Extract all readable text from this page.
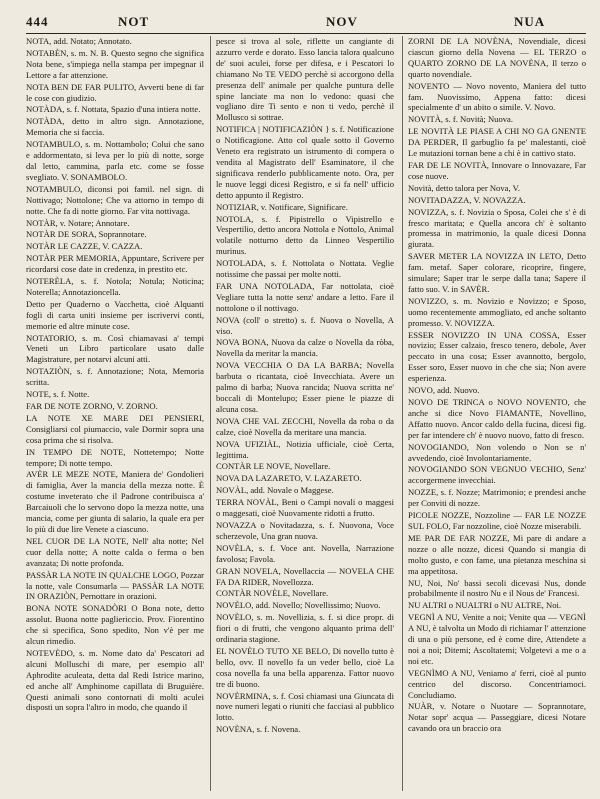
444	NOT	NOV	NUA

NOTA, add. Notato; Annotato.

NOTABÈN, s. m. N. B. Questo segno che significa Nota bene, s'impiega nella stampa per impegnar il Lettore a far attenzione.

NOTA BEN DE FAR PULITO, Avverti bene di far le cose con giudizio.

NOTÀDA, s. f. Nottata, Spazio d'una intiera notte.

NOTÀDA, detto in altro sign. Annotazione, Memoria che si faccia.

NOTAMBULO, s. m. Nottambolo; Colui che sano e addormentato, si leva per lo più di notte, sorge dal letto, cammina, parla etc. come se fosse svegliato. V. SONAMBOLO.

NOTAMBULO, diconsi poi famil. nel sign. di Nottivago; Nottolone; Che va attorno in tempo di notte. Che fa di notte giorno. Far vita nottivaga.

NOTÀR, v. Notare; Annotare.

NOTÀR DE SORA, Soprannotare.

NOTÀR LE CAZZE, V. CAZZA.

NOTÀR PER MEMORIA, Appuntare, Scrivere per ricordarsi cose date in credenza, in prestito etc.

NOTERÈLA, s. f. Notola; Notula; Noticina; Noterella; Annotazioncella.

Detto per Quaderno o Vacchetta, cioè Alquanti fogli di carta uniti insieme per iscrivervi conti, memorie ed altre minute cose.

NOTATORIO, s. m. Così chiamavasi a' tempi Veneti un Libro particolare usato dalle Magistrature, per notarvi alcuni atti.

NOTAZIÒN, s. f. Annotazione; Nota, Memoria scritta.

NOTE, s. f. Notte.

FAR DE NOTE ZORNO, V. ZORNO.

LA NOTE XE MARE DEI PENSIERI, Consigliarsi col piumaccio, vale Dormir sopra una cosa prima che si risolva.

IN TEMPO DE NOTE, Nottetempo; Notte tempore; Di notte tempo.

AVÈR LE MEZE NOTE, Maniera de' Gondolieri di famiglia, Aver la mancia della mezza notte. È costume inveterato che il Padrone contribuisca a' Barcaiuoli che lo servono dopo la mezza notte, una mancia, come per giunta di salario, la quale era per lo più di due lire Venete a ciascuno.

NEL CUOR DE LA NOTE, Nell' alta notte; Nel cuor della notte; A notte calda o ferma o ben avanzata; Di notte profonda.

PASSÀR LA NOTE IN QUALCHE LOGO, Pozzar la notte, vale Consumarla — PASSÀR LA NOTE IN ORAZIÒN, Pernottare in orazioni.

BONA NOTE SONADÒRI O Bona note, detto assolut. Buona notte pagliericcio. Prov. Fiorentino che si specifica, Sono spedito, Non v'è per me alcun rimedio.

NOTEVÈDO, s. m. Nome dato da' Pescatori ad alcuni Molluschi di mare, per esempio all' Aphrodite aculeata, detta dal Redi Istrice marino, ed anche all' Amphinome capillata di Bruguière. Questi animali sono contornati di molti aculei disposti un sopra l'altro in modo, che quando il

pesce si trova al sole, riflette un cangiante di azzurro verde e dorato. Esso lancia talora qualcuno de' suoi aculei, forse per difesa, e i Pescatori lo chiamano No TE VEDO perchè si accorgono della presenza dell' animale per qualche puntura delle spine lanciate ma non lo vedono: quasi che vogliano dire Ti sento e non ti vedo, perchè il Mollusco si sottrae.

NOTIFICA | NOTIFICAZIÒN } s. f. Notificazione o Notificagione. Atto col quale sotto il Governo Veneto era registrato un istrumento di compera o vendita al Magistrato dell' Esaminatore, il che significava renderlo pubblicamente noto. Ora, per le nuove leggi dicesi Registro, e si fa nell' ufficio detto appunto il Registro.

NOTIZIAR, v. Notificare, Significare.

NOTOLA, s. f. Pipistrello o Vipistrello e Vespertilio, detto ancora Nottola e Nottolo, Animal volatile notturno detto da Linneo Vespertilio murinus.

NOTOLADA, s. f. Nottolata o Nottata. Veglie notissime che passai per molte notti.

FAR UNA NOTOLADA, Far nottolata, cioè Vegliare tutta la notte senz' andare a letto. Fare il nottolone o il nottivago.

NOVA (coll' o stretto) s. f. Nuova o Novella, A viso.

NOVA BONA, Nuova da calze o Novella da ròba, Novella da meritar la mancia.

NOVA VECCHIA O DA LA BARBA; Novella barbuta o ricantata, cioè Invecchiata. Avere un palmo di barba; Nuova rancida; Nuova scritta ne' boccali di Montelupo; Esser piene le piazze di alcuna cosa.

NOVA CHE VAL ZECCHI, Novella da roba o da calze, cioè Novella da meritare una mancia.

NOVA UFIZIÀL, Notizia ufficiale, cioè Certa, legittima.

CONTÀR LE NOVE, Novellare.

NOVA DA LAZARETO, V. LAZARETO.

NOVÀL, add. Novale o Maggese.

TERRA NOVÀL, Beni o Campi novali o maggesi o maggesati, cioè Nuovamente ridotti a frutto.

NOVAZZA o Novitadazza, s. f. Nuovona, Voce scherzevole, Una gran nuova.

NOVÈLA, s. f. Voce ant. Novella, Narrazione favolosa; Favola.

GRAN NOVELA, Novellaccia — NOVELA CHE FA DA RIDER, Novellozza.

CONTÀR NOVÈLE, Novellare.

NOVÈLO, add. Novello; Novellissimo; Nuovo.

NOVÈLO, s. m. Novellizia, s. f. si dice propr. di fiori o di frutti, che vengono alquanto prima dell' ordinaria stagione.

EL NOVÈLO TUTO XE BELO, Di novello tutto è bello, ovv. Il novello fa un veder bello, cioè La cosa novella fa una bella apparenza. Fattor nuovo tre dì buono.

NOVÈRMINA, s. f. Così chiamasi una Giuncata di nove numeri legati o riuniti che facciasi al pubblico lotto.

NOVÈNA, s. f. Novena.

ZORNI DE LA NOVÈNA, Novendiale, dicesi ciascun giorno della Novena — EL TERZO o QUARTO ZORNO DE LA NOVÈNA, Il terzo o quarto novendiale.

NOVENTO — Novo novento, Maniera del tutto fam. Nuovissimo, Appena fatto: dicesi specialmente d' un abito o simile. V. Novo.

NOVITÀ, s. f. Novità; Nuova.

LE NOVITÀ LE PIASE A CHI NO GA GNENTE DA PERDER, Il garbuglio fa pe' malestanti, cioè Le mutazioni tornan bene a chi è in cattivo stato.

FAR DE LE NOVITÀ, Innovare o Innovazare, Far cose nuove.

Novità, detto talora per Nova, V.

NOVITADAZZA, V. NOVAZZA.

NOVIZZA, s. f. Novizia o Sposa, Colei che s' è di fresco maritata; e Quella ancora ch' è soltanto promessa in matrimonio, la quale dicesi Donna giurata.

SAVER METER LA NOVIZZA IN LETO, Detto fam. metaf. Saper colorare, ricoprire, fingere, simulare; Saper trar le serpe dalla tana; Sapere il fatto suo. V. in SAVÈR.

NOVIZZO, s. m. Novizio e Novizzo; e Sposo, uomo recentemente ammogliato, ed anche soltanto promesso. V. NOVIZZA.

ESSER NOVIZZO IN UNA COSSA, Esser novizio; Esser calzaio, fresco tenero, debole, Aver peccato in una cosa; Esser avannotto, bergolo, Esser soro, Esser nuovo in che che sia; Non avere esperienza.

NOVO, add. Nuovo.

NOVO DE TRINCA o NOVO NOVENTO, che anche si dice Novo FIAMANTE, Novellino, Affatto nuovo. Ancor caldo della fucina, dicesi fig. per far intendere ch' è nuovo nuovo, fatto di fresco.

NOVOGIANDO, Non volendo o Non se n' avvedendo, cioè Involontariamente.

NOVOGIANDO SON VEGNUO VECHIO, Senz' accorgermene invecchiai.

NOZZE, s. f. Nozze; Matrimonio; e prendesi anche per Conviti di nozze.

PICOLE NOZZE, Nozzoline — FAR LE NOZZE SUL FOLO, Far nozzoline, cioè Nozze miserabili.

ME PAR DE FAR NOZZE, Mi pare di andare a nozze o alle nozze, dicesi Quando si mangia di molto gusto, e con fame, una pietanza meschina si ma appetitosa.

NU, Noi, No' bassi secoli dicevasi Nus, donde probabilmente il nostro Nu e il Nous de' Francesi.

NU ALTRI o NUALTRI o NU ALTRE, Noi.

VEGNÌ A NU, Venite a noi; Venite qua — VEGNÌ A NU, è talvolta un Modo di richiamar l' attenzione di una o più persone, ed è come dire, Attendete a noi a noi; Ditemi; Ascoltatemi; Volgetevi a me o a noi etc.

VEGNÌMO A NU, Veniamo a' ferri, cioè al punto centrico del discorso. Concentriamoci. Concludiamo.

NUÀR, v. Notare o Nuotare — Soprannotare, Notar sopr' acqua — Passeggiare, dicesi Notare cavando ora un braccio ora
